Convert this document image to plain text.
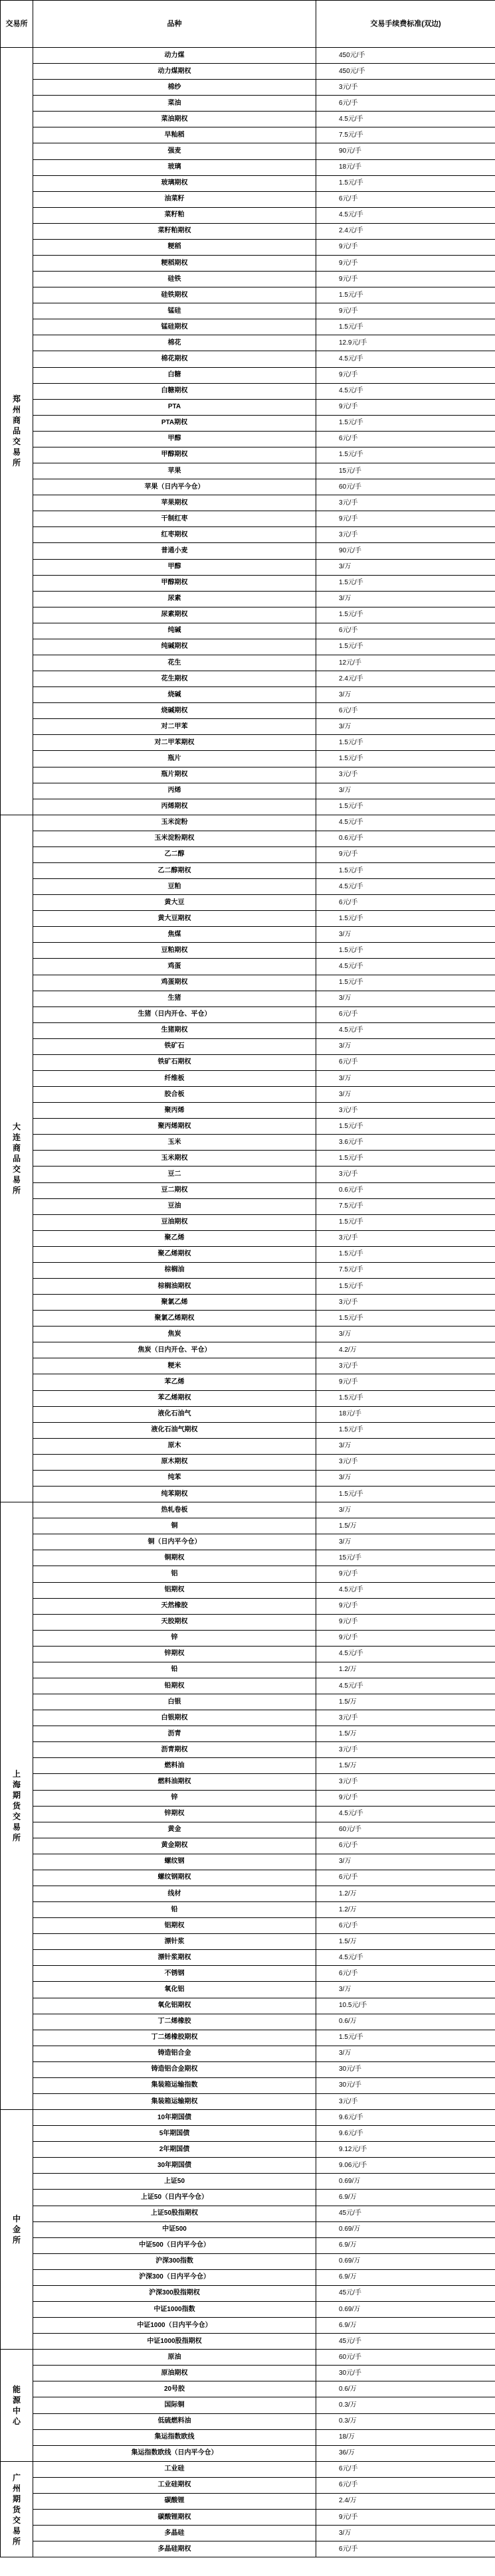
交易所	品种	交易手续费标准(双边)
郑州商品交易所	动力煤	450元/手
	动力煤期权	450元/手
	棉纱	3元/手
	菜油	6元/手
	菜油期权	4.5元/手
	早籼稻	7.5元/手
	强麦	90元/手
	玻璃	18元/手
	玻璃期权	1.5元/手
	油菜籽	6元/手
	菜籽粕	4.5元/手
	菜籽粕期权	2.4元/手
	粳稻	9元/手
	粳稻期权	9元/手
	硅铁	9元/手
	硅铁期权	1.5元/手
	锰硅	9元/手
	锰硅期权	1.5元/手
	棉花	12.9元/手
	棉花期权	4.5元/手
	白糖	9元/手
	白糖期权	4.5元/手
	PTA	9元/手
	PTA期权	1.5元/手
	甲醇	6元/手
	甲醇期权	1.5元/手
	苹果	15元/手
	苹果（日内平今仓）	60元/手
	苹果期权	3元/手
	干制红枣	9元/手
	红枣期权	3元/手
	普通小麦	90元/手
	甲醇	3/万
	甲醇期权	1.5元/手
	尿素	3/万
	尿素期权	1.5元/手
	纯碱	6元/手
	纯碱期权	1.5元/手
	花生	12元/手
	花生期权	2.4元/手
	烧碱	3/万
	烧碱期权	6元/手
	对二甲苯	3/万
	对二甲苯期权	1.5元/手
	瓶片	1.5元/手
	瓶片期权	3元/手
	丙烯	3/万
	丙烯期权	1.5元/手
大连商品交易所	玉米淀粉	4.5元/手
	玉米淀粉期权	0.6元/手
	乙二醇	9元/手
	乙二醇期权	1.5元/手
	豆粕	4.5元/手
	黄大豆	6元/手
	黄大豆期权	1.5元/手
	焦煤	3/万
	豆粕期权	1.5元/手
	鸡蛋	4.5元/手
	鸡蛋期权	1.5元/手
	生猪	3/万
	生猪（日内开仓、平仓）	6元/手
	生猪期权	4.5元/手
	铁矿石	3/万
	铁矿石期权	6元/手
	纤维板	3/万
	胶合板	3/万
	聚丙烯	3元/手
	聚丙烯期权	1.5元/手
	玉米	3.6元/手
	玉米期权	1.5元/手
	豆二	3元/手
	豆二期权	0.6元/手
	豆油	7.5元/手
	豆油期权	1.5元/手
	聚乙烯	3元/手
	聚乙烯期权	1.5元/手
	棕榈油	7.5元/手
	棕榈油期权	1.5元/手
	聚氯乙烯	3元/手
	聚氯乙烯期权	1.5元/手
	焦炭	3/万
	焦炭（日内开仓、平仓）	4.2/万
	粳米	3元/手
	苯乙烯	9元/手
	苯乙烯期权	1.5元/手
	液化石油气	18元/手
	液化石油气期权	1.5元/手
	原木	3/万
	原木期权	3元/手
	纯苯	3/万
	纯苯期权	1.5元/手
上海期货交易所	热轧卷板	3/万
	铜	1.5/万
	铜（日内平今仓）	3/万
	铜期权	15元/手
	铝	9元/手
	铝期权	4.5元/手
	天然橡胶	9元/手
	天胶期权	9元/手
	锌	9元/手
	锌期权	4.5元/手
	铅	1.2/万
	铅期权	4.5元/手
	白银	1.5/万
	白银期权	3元/手
	沥青	1.5/万
	沥青期权	3元/手
	燃料油	1.5/万
	燃料油期权	3元/手
	锌	9元/手
	锌期权	4.5元/手
	黄金	60元/手
	黄金期权	6元/手
	螺纹钢	3/万
	螺纹钢期权	6元/手
	线材	1.2/万
	铅	1.2/万
	铝期权	6元/手
	漂针浆	1.5/万
	漂针浆期权	4.5元/手
	不锈钢	6元/手
	氧化铝	3/万
	氧化铝期权	10.5元/手
	丁二烯橡胶	0.6/万
	丁二烯橡胶期权	1.5元/手
	铸造铝合金	3/万
	铸造铝合金期权	30元/手
	集装箱运输指数	30元/手
	集装箱运输期权	3元/手
中金所	10年期国债	9.6元/手
	5年期国债	9.6元/手
	2年期国债	9.12元/手
	30年期国债	9.06元/手
	上证50	0.69/万
	上证50（日内平今仓）	6.9/万
	上证50股指期权	45元/手
	中证500	0.69/万
	中证500（日内平今仓）	6.9/万
	沪深300指数	0.69/万
	沪深300（日内平今仓）	6.9/万
	沪深300股指期权	45元/手
	中证1000指数	0.69/万
	中证1000（日内平今仓）	6.9/万
	中证1000股指期权	45元/手
能源中心	原油	60元/手
	原油期权	30元/手
	20号胶	0.6/万
	国际铜	0.3/万
	低硫燃料油	0.3/万
	集运指数欧线	18/万
	集运指数欧线（日内平今仓）	36/万
广州期货交易所	工业硅	6元/手
	工业硅期权	6元/手
	碳酸锂	2.4/万
	碳酸锂期权	9元/手
	多晶硅	3/万
	多晶硅期权	6元/手
